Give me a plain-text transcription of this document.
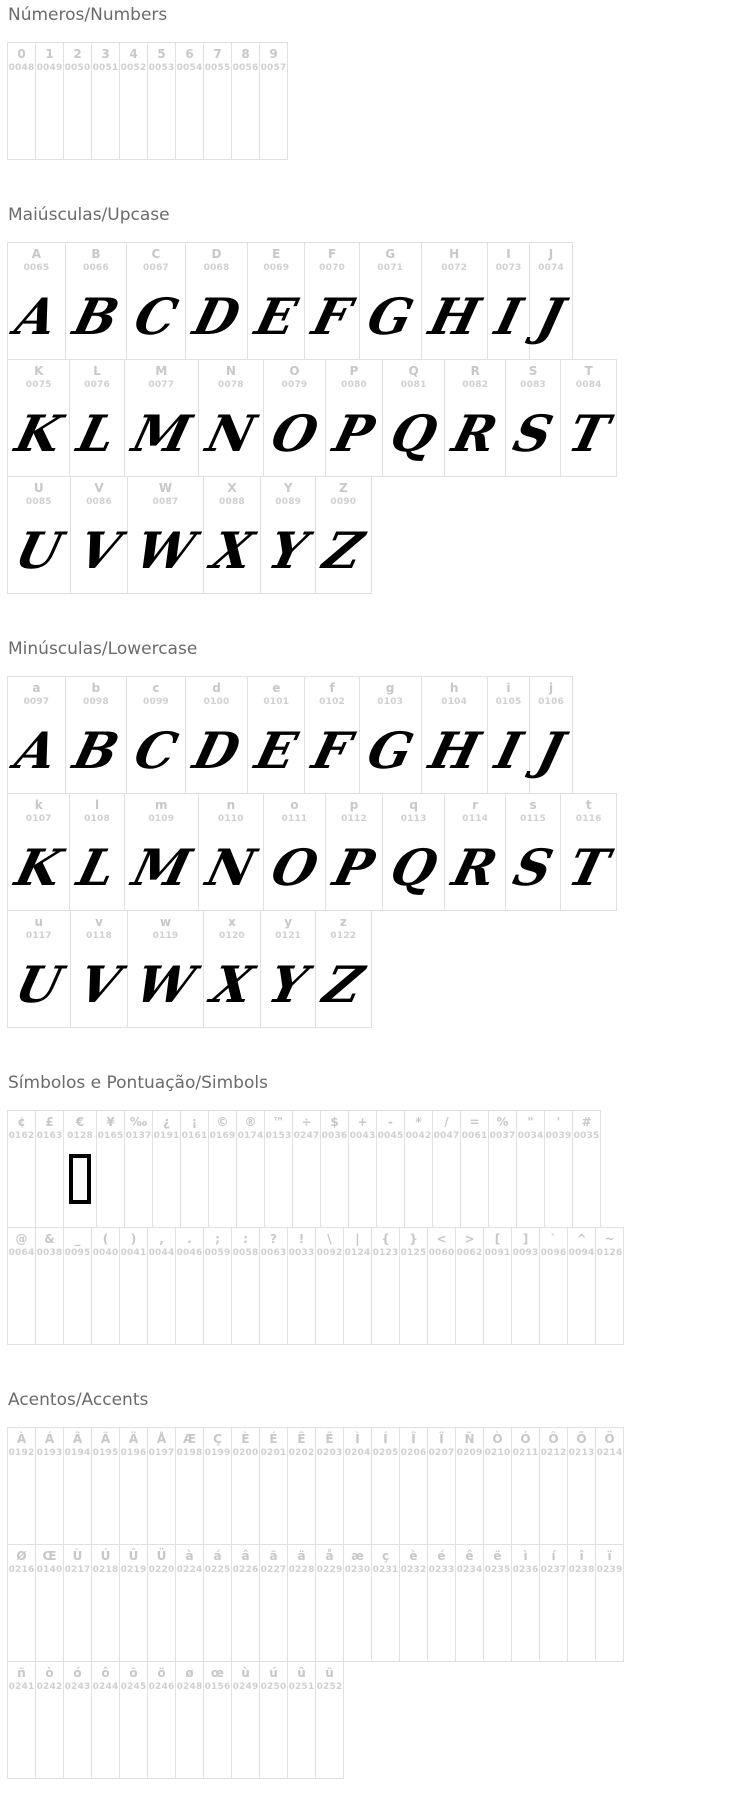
Números/Numbers
0
0048
1
0049
2
0050
3
0051
4
0052
5
0053
6
0054
7
0055
8
0056
9
0057
Maiúsculas/Upcase
A
0065
A
B
0066
B
C
0067
C
D
0068
D
E
0069
E
F
0070
F
G
0071
G
H
0072
H
I
0073
I
J
0074
J
K
0075
K
L
0076
L
M
0077
M
N
0078
N
O
0079
O
P
0080
P
Q
0081
Q
R
0082
R
S
0083
S
T
0084
T
U
0085
U
V
0086
V
W
0087
W
X
0088
X
Y
0089
Y
Z
0090
Z
Minúsculas/Lowercase
a
0097
A
b
0098
B
c
0099
C
d
0100
D
e
0101
E
f
0102
F
g
0103
G
h
0104
H
i
0105
I
j
0106
J
k
0107
K
l
0108
L
m
0109
M
n
0110
N
o
0111
O
p
0112
P
q
0113
Q
r
0114
R
s
0115
S
t
0116
T
u
0117
U
v
0118
V
w
0119
W
x
0120
X
y
0121
Y
z
0122
Z
Símbolos e Pontuação/Simbols
¢
0162
£
0163
€
0128
¥
0165
‰
0137
¿
0191
¡
0161
©
0169
®
0174
™
0153
÷
0247
$
0036
+
0043
-
0045
*
0042
/
0047
=
0061
%
0037
"
0034
'
0039
#
0035
@
0064
&
0038
_
0095
(
0040
)
0041
,
0044
.
0046
;
0059
:
0058
?
0063
!
0033
\
0092
|
0124
{
0123
}
0125
<
0060
>
0062
[
0091
]
0093
`
0096
^
0094
~
0126
Acentos/Accents
À
0192
Á
0193
Â
0194
Ã
0195
Ä
0196
Å
0197
Æ
0198
Ç
0199
È
0200
É
0201
Ê
0202
Ë
0203
Ì
0204
Í
0205
Î
0206
Ï
0207
Ñ
0209
Ò
0210
Ó
0211
Ô
0212
Õ
0213
Ö
0214
Ø
0216
Œ
0140
Ù
0217
Ú
0218
Û
0219
Ü
0220
à
0224
á
0225
â
0226
ã
0227
ä
0228
å
0229
æ
0230
ç
0231
è
0232
é
0233
ê
0234
ë
0235
ì
0236
í
0237
î
0238
ï
0239
ñ
0241
ò
0242
ó
0243
ô
0244
õ
0245
ö
0246
ø
0248
œ
0156
ù
0249
ú
0250
û
0251
ü
0252
